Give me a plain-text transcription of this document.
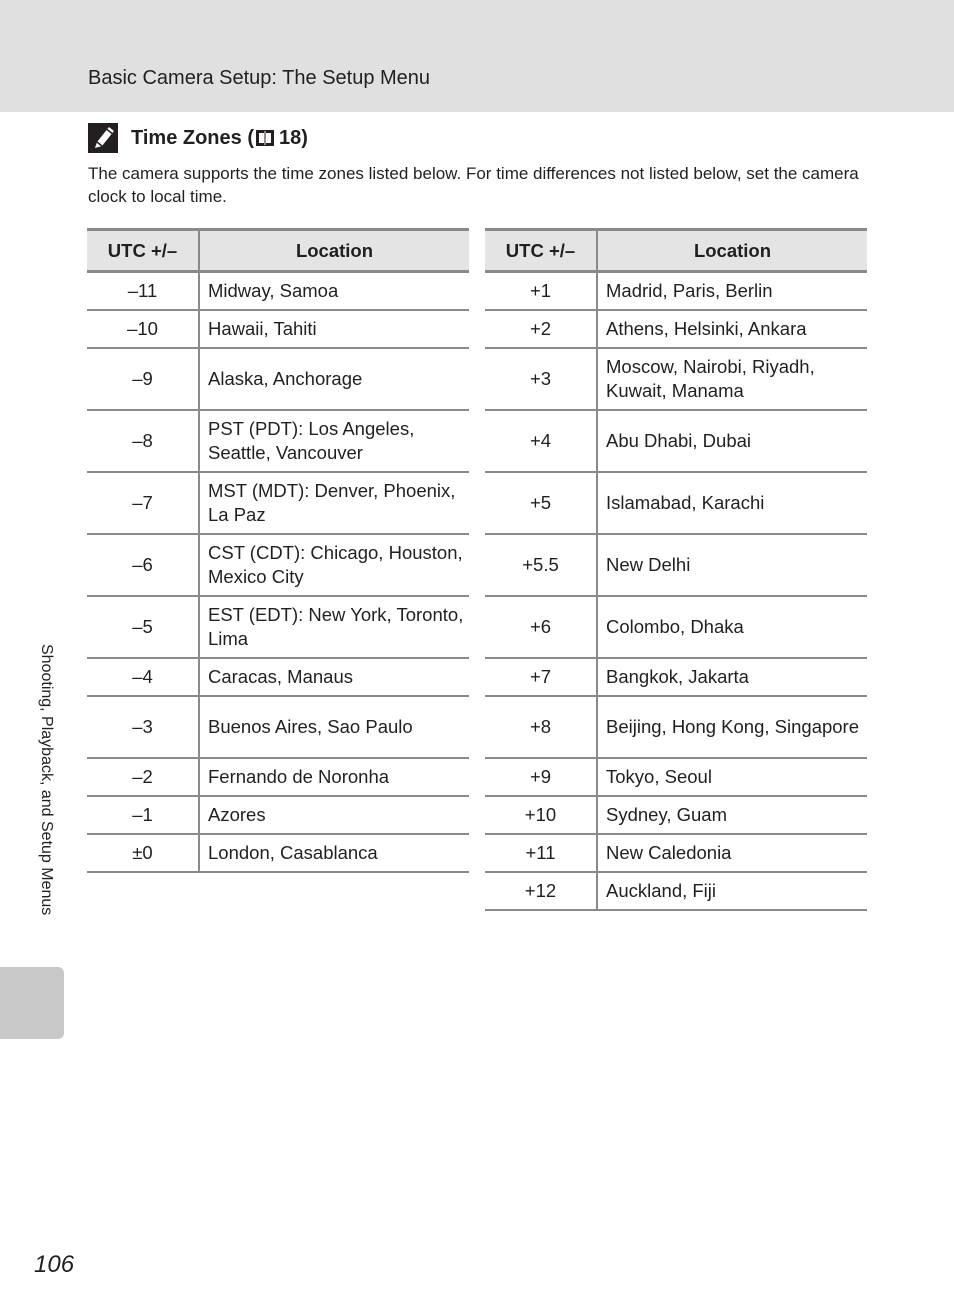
Basic Camera Setup: The Setup Menu
Time Zones ( 18)
The camera supports the time zones listed below. For time differences not listed below, set the camera clock to local time.
UTC +/–	Location
–11	Midway, Samoa
–10	Hawaii, Tahiti
–9	Alaska, Anchorage
–8	PST (PDT): Los Angeles, Seattle, Vancouver
–7	MST (MDT): Denver, Phoenix, La Paz
–6	CST (CDT): Chicago, Houston, Mexico City
–5	EST (EDT): New York, Toronto, Lima
–4	Caracas, Manaus
–3	Buenos Aires, Sao Paulo
–2	Fernando de Noronha
–1	Azores
±0	London, Casablanca
UTC +/–	Location
+1	Madrid, Paris, Berlin
+2	Athens, Helsinki, Ankara
+3	Moscow, Nairobi, Riyadh, Kuwait, Manama
+4	Abu Dhabi, Dubai
+5	Islamabad, Karachi
+5.5	New Delhi
+6	Colombo, Dhaka
+7	Bangkok, Jakarta
+8	Beijing, Hong Kong, Singapore
+9	Tokyo, Seoul
+10	Sydney, Guam
+11	New Caledonia
+12	Auckland, Fiji
Shooting, Playback, and Setup Menus
106
